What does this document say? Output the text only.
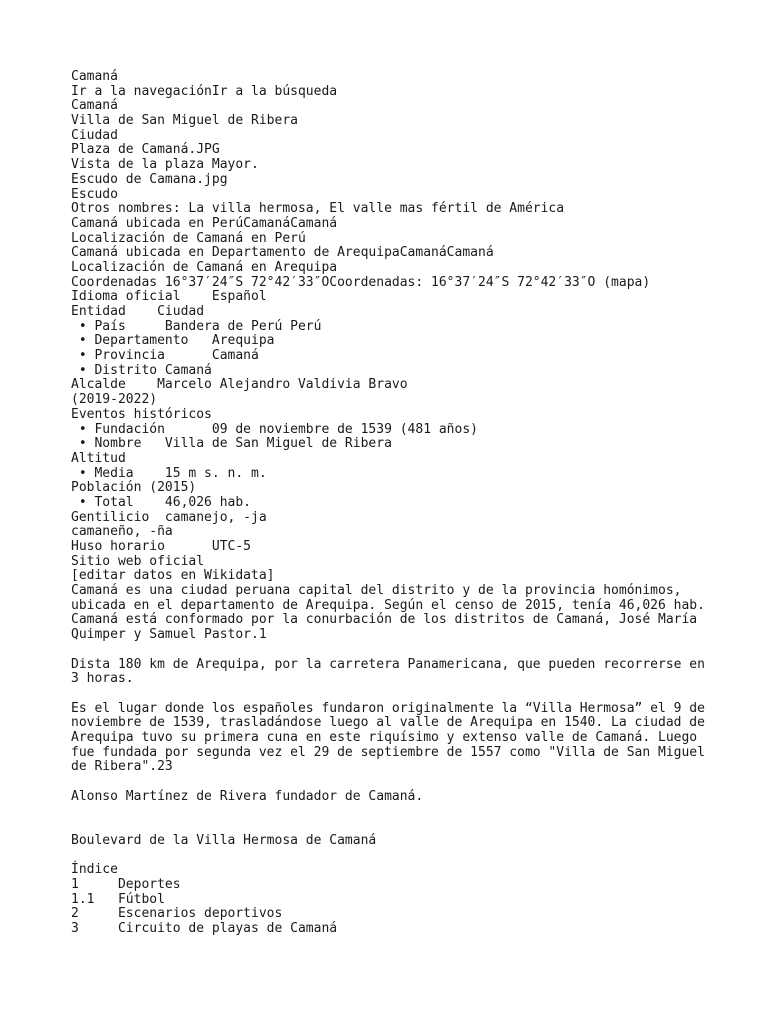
Camaná
Ir a la navegaciónIr a la búsqueda
Camaná
Villa de San Miguel de Ribera
Ciudad
Plaza de Camaná.JPG
Vista de la plaza Mayor.
Escudo de Camana.jpg
Escudo
Otros nombres: La villa hermosa, El valle mas fértil de América
Camaná ubicada en PerúCamanáCamaná
Localización de Camaná en Perú
Camaná ubicada en Departamento de ArequipaCamanáCamaná
Localización de Camaná en Arequipa
Coordenadas 16°37′24″S 72°42′33″OCoordenadas: 16°37′24″S 72°42′33″O (mapa)
Idioma oficial    Español
Entidad    Ciudad
• País     Bandera de Perú Perú
• Departamento   Arequipa
• Provincia      Camaná
• Distrito Camaná
Alcalde    Marcelo Alejandro Valdivia Bravo
(2019-2022)
Eventos históricos
• Fundación      09 de noviembre de 1539 (481 años)
• Nombre   Villa de San Miguel de Ribera
Altitud
• Media    15 m s. n. m.
Población (2015)
• Total    46,026 hab.
Gentilicio  camanejo, -ja
camaneño, -ña
Huso horario      UTC-5
Sitio web oficial
[editar datos en Wikidata]
Camaná es una ciudad peruana capital del distrito y de la provincia homónimos, ubicada en el departamento de Arequipa. Según el censo de 2015, tenía 46,026 hab. Camaná está conformado por la conurbación de los distritos de Camaná, José María Quimper y Samuel Pastor.1
Dista 180 km de Arequipa, por la carretera Panamericana, que pueden recorrerse en 3 horas.
Es el lugar donde los españoles fundaron originalmente la “Villa Hermosa” el 9 de noviembre de 1539, trasladándose luego al valle de Arequipa en 1540. La ciudad de Arequipa tuvo su primera cuna en este riquísimo y extenso valle de Camaná. Luego fue fundada por segunda vez el 29 de septiembre de 1557 como "Villa de San Miguel de Ribera".23
Alonso Martínez de Rivera fundador de Camaná.
Boulevard de la Villa Hermosa de Camaná
Índice
1     Deportes
1.1   Fútbol
2     Escenarios deportivos
3     Circuito de playas de Camaná
